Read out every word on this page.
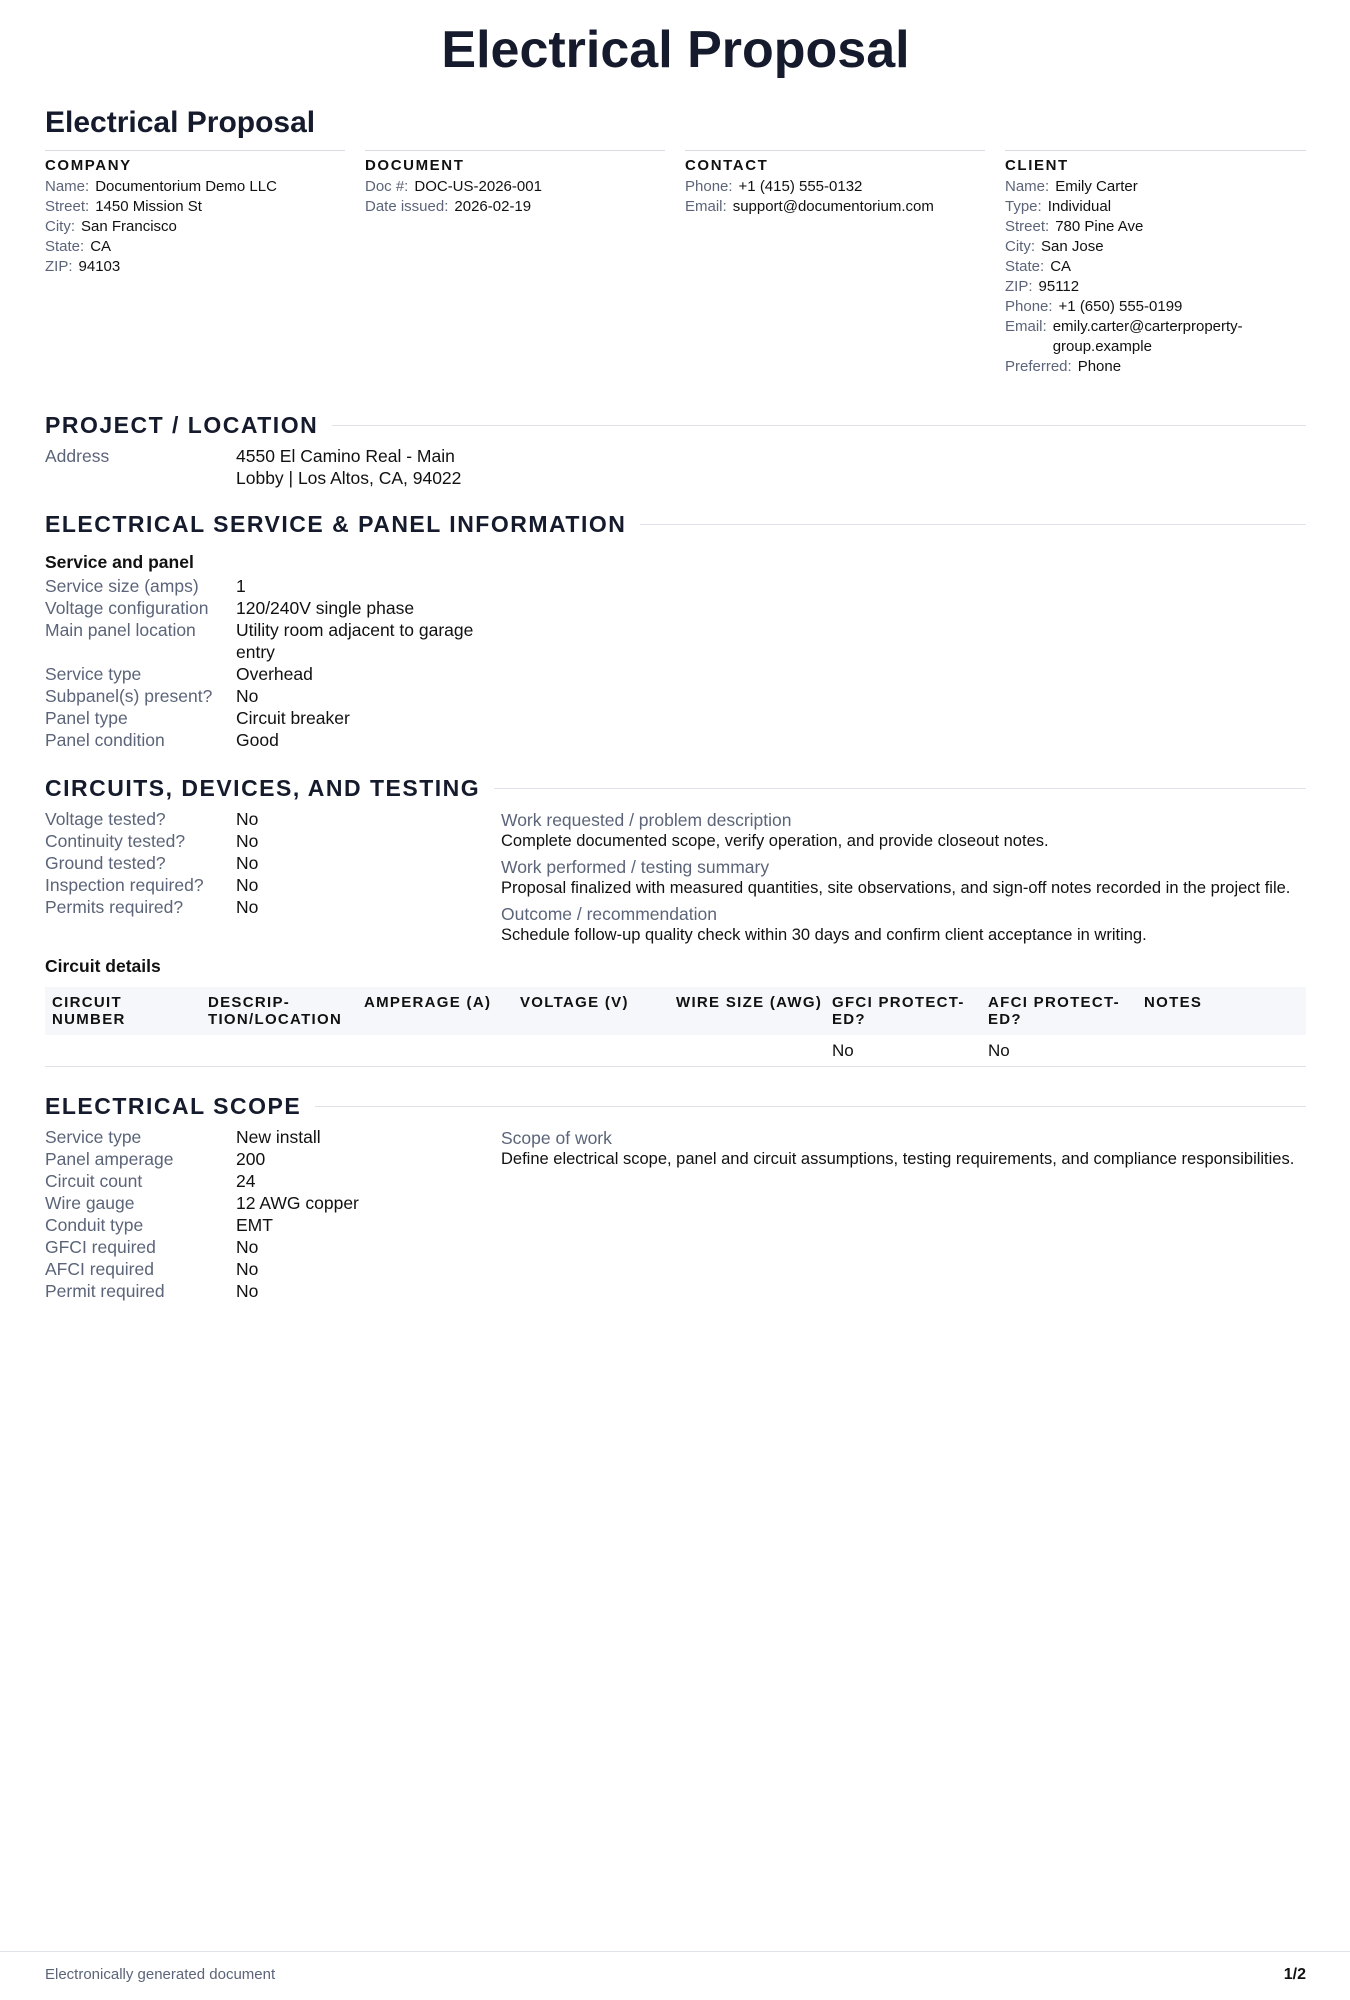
Electrical Proposal
Electrical Proposal
COMPANY
Name: Documentorium Demo LLC
Street: 1450 Mission St
City: San Francisco
State: CA
ZIP: 94103
DOCUMENT
Doc #: DOC-US-2026-001
Date issued: 2026-02-19
CONTACT
Phone: +1 (415) 555-0132
Email: support@documentorium.com
CLIENT
Name: Emily Carter
Type: Individual
Street: 780 Pine Ave
City: San Jose
State: CA
ZIP: 95112
Phone: +1 (650) 555-0199
Email: emily.carter@carterproperty-group.example
Preferred: Phone
PROJECT / LOCATION
Address	4550 El Camino Real - Main Lobby | Los Altos, CA, 94022
ELECTRICAL SERVICE & PANEL INFORMATION
Service and panel
Service size (amps)	1
Voltage configuration	120/240V single phase
Main panel location	Utility room adjacent to garage entry
Service type	Overhead
Subpanel(s) present?	No
Panel type	Circuit breaker
Panel condition	Good
CIRCUITS, DEVICES, AND TESTING
Voltage tested?	No
Continuity tested?	No
Ground tested?	No
Inspection required?	No
Permits required?	No
Work requested / problem description
Complete documented scope, verify operation, and provide closeout notes.
Work performed / testing summary
Proposal finalized with measured quantities, site observations, and sign-off notes recorded in the project file.
Outcome / recommendation
Schedule follow-up quality check within 30 days and confirm client acceptance in writing.
Circuit details
CIRCUIT NUMBER	DESCRIP-TION/LOCATION	AMPERAGE (A)	VOLTAGE (V)	WIRE SIZE (AWG)	GFCI PROTECT-ED?	AFCI PROTECT-ED?	NOTES
					No	No	
ELECTRICAL SCOPE
Service type	New install
Panel amperage	200
Circuit count	24
Wire gauge	12 AWG copper
Conduit type	EMT
GFCI required	No
AFCI required	No
Permit required	No
Scope of work
Define electrical scope, panel and circuit assumptions, testing requirements, and compliance responsibilities.
Electronically generated document	1/2
